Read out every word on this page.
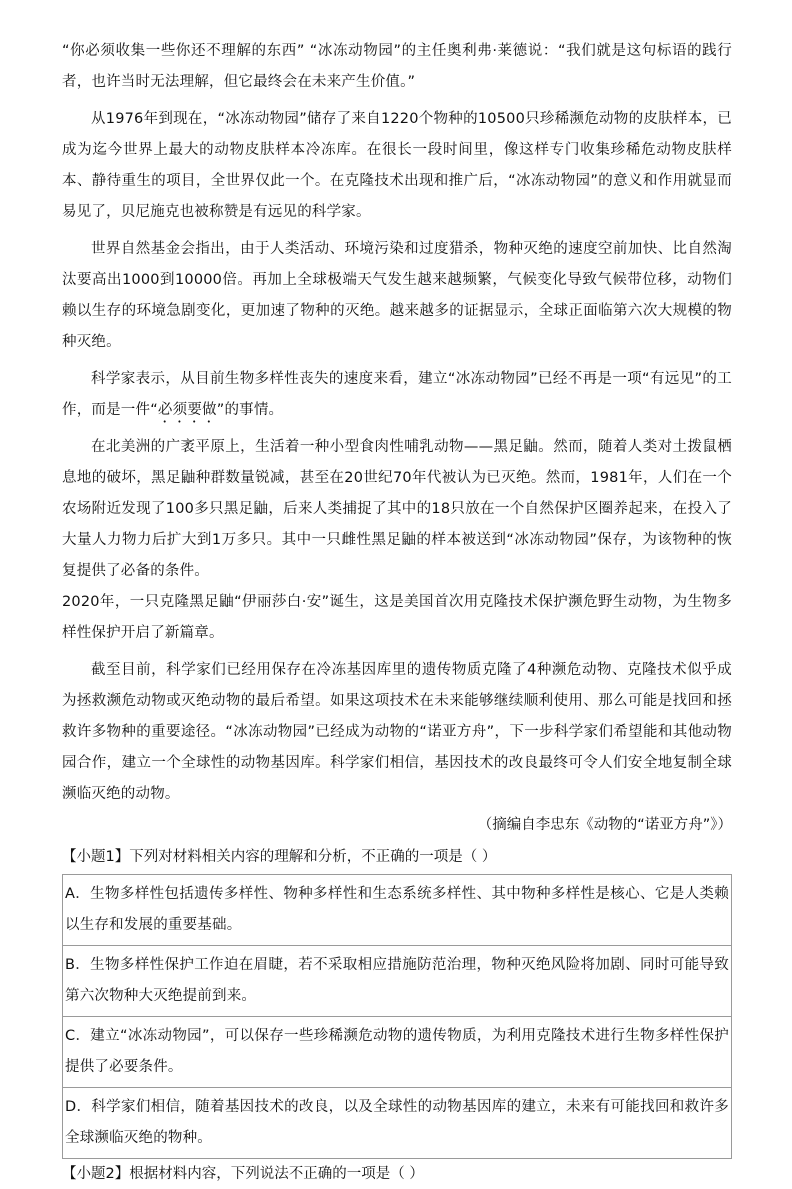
“你必须收集一些你还不理解的东西” “冰冻动物园”的主任奥利弗·莱德说：“我们就是这句标语的践行者，也许当时无法理解，但它最终会在未来产生价值。”

从1976年到现在，“冰冻动物园”储存了来自1220个物种的10500只珍稀濒危动物的皮肤样本，已成为迄今世界上最大的动物皮肤样本冷冻库。在很长一段时间里，像这样专门收集珍稀危动物皮肤样本、静待重生的项目，全世界仅此一个。在克隆技术出现和推广后，“冰冻动物园”的意义和作用就显而易见了，贝尼施克也被称赞是有远见的科学家。

世界自然基金会指出，由于人类活动、环境污染和过度猎杀，物种灭绝的速度空前加快、比自然淘汰要高出1000到10000倍。再加上全球极端天气发生越来越频繁，气候变化导致气候带位移，动物们赖以生存的环境急剧变化，更加速了物种的灭绝。越来越多的证据显示，全球正面临第六次大规模的物种灭绝。

科学家表示，从目前生物多样性丧失的速度来看，建立“冰冻动物园”已经不再是一项“有远见”的工作，而是一件“必须要做”的事情。

在北美洲的广袤平原上，生活着一种小型食肉性哺乳动物——黑足鼬。然而，随着人类对土拨鼠栖息地的破坏，黑足鼬种群数量锐减，甚至在20世纪70年代被认为已灭绝。然而，1981年，人们在一个农场附近发现了100多只黑足鼬，后来人类捕捉了其中的18只放在一个自然保护区圈养起来，在投入了大量人力物力后扩大到1万多只。其中一只雌性黑足鼬的样本被送到“冰冻动物园”保存，为该物种的恢复提供了必备的条件。

2020年，一只克隆黑足鼬“伊丽莎白·安”诞生，这是美国首次用克隆技术保护濒危野生动物，为生物多样性保护开启了新篇章。

截至目前，科学家们已经用保存在冷冻基因库里的遗传物质克隆了4种濒危动物、克隆技术似乎成为拯救濒危动物或灭绝动物的最后希望。如果这项技术在未来能够继续顺利使用、那么可能是找回和拯救许多物种的重要途径。“冰冻动物园”已经成为动物的“诺亚方舟”，下一步科学家们希望能和其他动物园合作，建立一个全球性的动物基因库。科学家们相信，基因技术的改良最终可令人们安全地复制全球濒临灭绝的动物。

（摘编自李忠东《动物的“诺亚方舟”》）

【小题1】下列对材料相关内容的理解和分析，不正确的一项是（ ）

A．生物多样性包括遗传多样性、物种多样性和生态系统多样性、其中物种多样性是核心、它是人类赖以生存和发展的重要基础。
B．生物多样性保护工作迫在眉睫，若不采取相应措施防范治理，物种灭绝风险将加剧、同时可能导致第六次物种大灭绝提前到来。
C．建立“冰冻动物园”，可以保存一些珍稀濒危动物的遗传物质，为利用克隆技术进行生物多样性保护提供了必要条件。
D．科学家们相信，随着基因技术的改良，以及全球性的动物基因库的建立，未来有可能找回和救许多全球濒临灭绝的物种。

【小题2】根据材料内容，下列说法不正确的一项是（ ）
